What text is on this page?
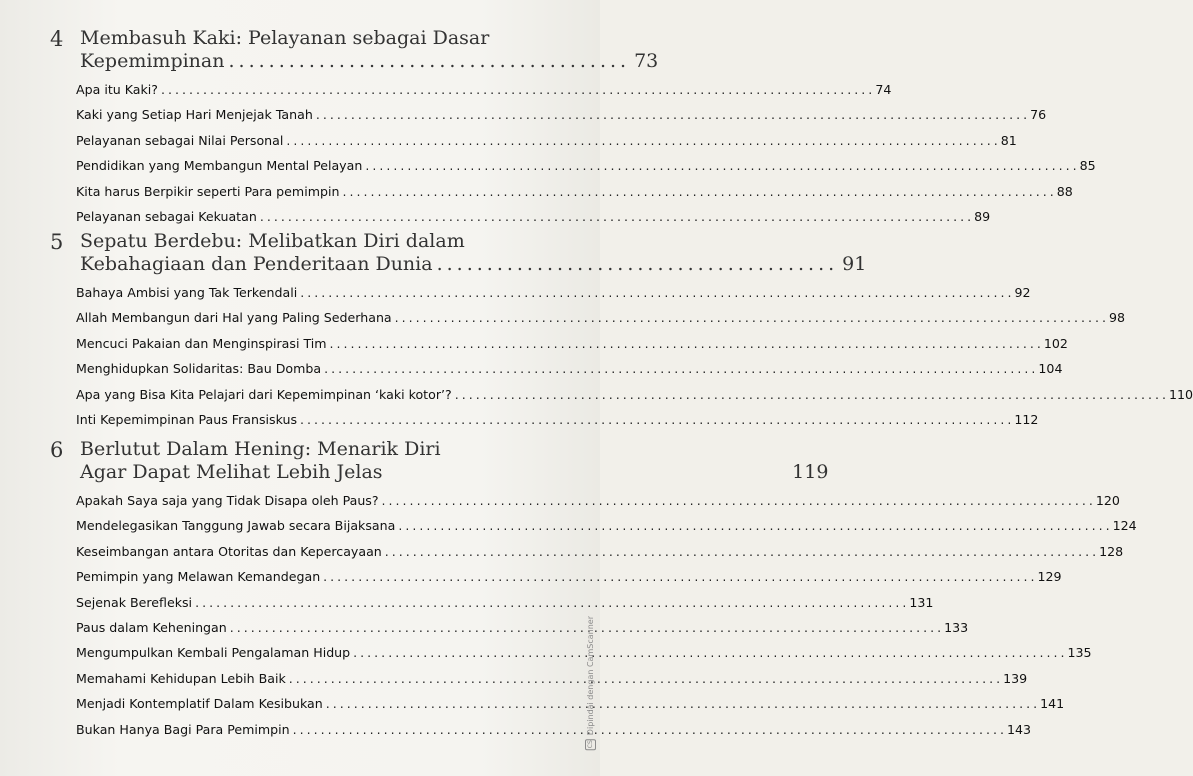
4 Membasuh Kaki: Pelayanan sebagai Dasar
Kepemimpinan ........................................ 73
Apa itu Kaki? ...................................................................................................... 74
Kaki yang Setiap Hari Menjejak Tanah ...................................................................................................... 76
Pelayanan sebagai Nilai Personal ...................................................................................................... 81
Pendidikan yang Membangun Mental Pelayan ...................................................................................................... 85
Kita harus Berpikir seperti Para pemimpin ...................................................................................................... 88
Pelayanan sebagai Kekuatan ...................................................................................................... 89
5 Sepatu Berdebu: Melibatkan Diri dalam
Kebahagiaan dan Penderitaan Dunia ........................................ 91
Bahaya Ambisi yang Tak Terkendali ...................................................................................................... 92
Allah Membangun dari Hal yang Paling Sederhana ...................................................................................................... 98
Mencuci Pakaian dan Menginspirasi Tim ...................................................................................................... 102
Menghidupkan Solidaritas: Bau Domba ...................................................................................................... 104
Apa yang Bisa Kita Pelajari dari Kepemimpinan ‘kaki kotor’? ...................................................................................................... 110
Inti Kepemimpinan Paus Fransiskus ...................................................................................................... 112
6 Berlutut Dalam Hening: Menarik Diri
Agar Dapat Melihat Lebih Jelas	119
Apakah Saya saja yang Tidak Disapa oleh Paus? ...................................................................................................... 120
Mendelegasikan Tanggung Jawab secara Bijaksana ...................................................................................................... 124
Keseimbangan antara Otoritas dan Kepercayaan ...................................................................................................... 128
Pemimpin yang Melawan Kemandegan ...................................................................................................... 129
Sejenak Berefleksi ...................................................................................................... 131
Paus dalam Keheningan ...................................................................................................... 133
Mengumpulkan Kembali Pengalaman Hidup ...................................................................................................... 135
Memahami Kehidupan Lebih Baik ...................................................................................................... 139
Menjadi Kontemplatif Dalam Kesibukan ...................................................................................................... 141
Bukan Hanya Bagi Para Pemimpin ...................................................................................................... 143
CS
Dipindai dengan CamScanner
